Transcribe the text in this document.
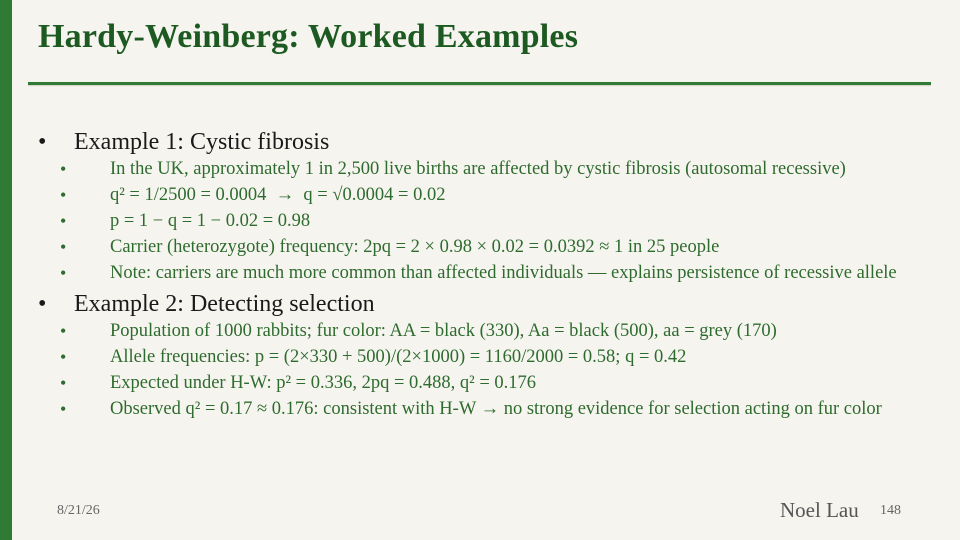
Hardy-Weinberg: Worked Examples

•	Example 1: Cystic fibrosis

•	In the UK, approximately 1 in 2,500 live births are affected by cystic fibrosis (autosomal recessive)

•	q² = 1/2500 = 0.0004  →  q = √0.0004 = 0.02

•	p = 1 − q = 1 − 0.02 = 0.98

•	Carrier (heterozygote) frequency: 2pq = 2 × 0.98 × 0.02 = 0.0392 ≈ 1 in 25 people

•	Note: carriers are much more common than affected individuals — explains persistence of recessive allele

•	Example 2: Detecting selection

•	Population of 1000 rabbits; fur color: AA = black (330), Aa = black (500), aa = grey (170)

•	Allele frequencies: p = (2×330 + 500)/(2×1000) = 1160/2000 = 0.58; q = 0.42

•	Expected under H-W: p² = 0.336, 2pq = 0.488, q² = 0.176

•	Observed q² = 0.17 ≈ 0.176: consistent with H-W → no strong evidence for selection acting on fur color

8/21/26	Noel Lau 148
